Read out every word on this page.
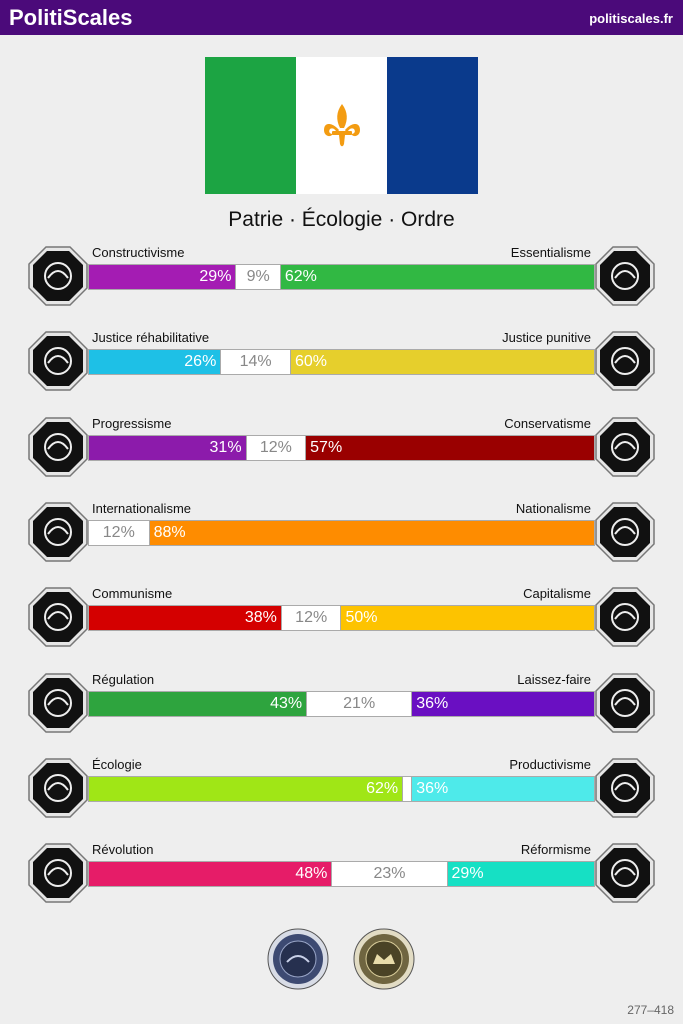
PolitiScales	politiscales.fr
Patrie · Écologie · Ordre
Constructivisme	Essentialisme
29% 9% 62%
Justice réhabilitative	Justice punitive
26%	14%	60%
Progressisme	Conservatisme
31%	12%	57%
Internationalisme	Nationalisme
12%	88%
Communisme	Capitalisme
38%	12%	50%
Régulation	Laissez-faire
43%	21%	36%
Écologie	Productivisme
62% 36%
Révolution	Réformisme
48%	23%	29%
277–418
